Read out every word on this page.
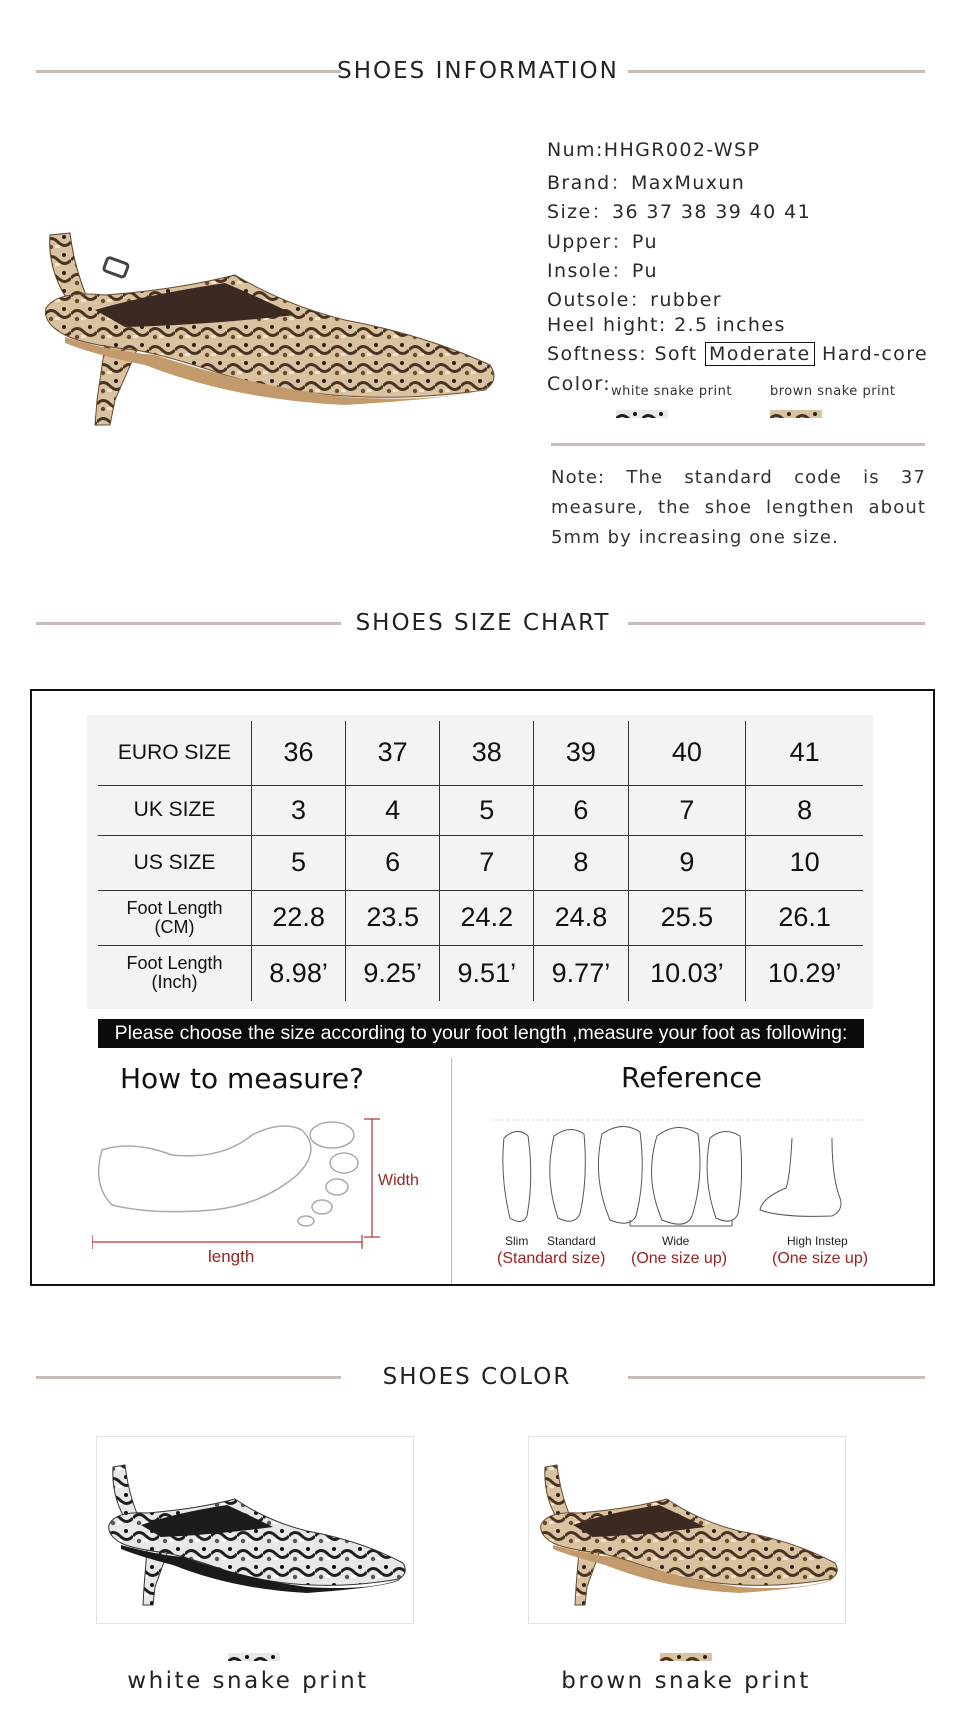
SHOES INFORMATION
Num:HHGR002-WSP
Brand：MaxMuxun
Size：36 37 38 39 40 41
Upper：Pu
Insole：Pu
Outsole：rubber
Heel hight: 2.5 inches
Softness: Soft Moderate Hard-core
Color: white snake print	brown snake print
Note: The standard code is 37 measure, the shoe lengthen about 5mm by increasing one size.
SHOES SIZE CHART
EURO SIZE	36	37	38	39	40	41
UK SIZE	3	4	5	6	7	8
US SIZE	5	6	7	8	9	10

Foot Length
(CM)	22.8	23.5	24.2	24.8	25.5	26.1

Foot Length
(Inch)	8.98’	9.25’	9.51’	9.77’	10.03’	10.29’
Please choose the size according to your foot length ,measure your foot as following:
How to measure?
Width
length
Reference
Slim Standard	Wide	High Instep
(Standard size) (One size up)	(One size up)
SHOES COLOR
white snake print	brown snake print
